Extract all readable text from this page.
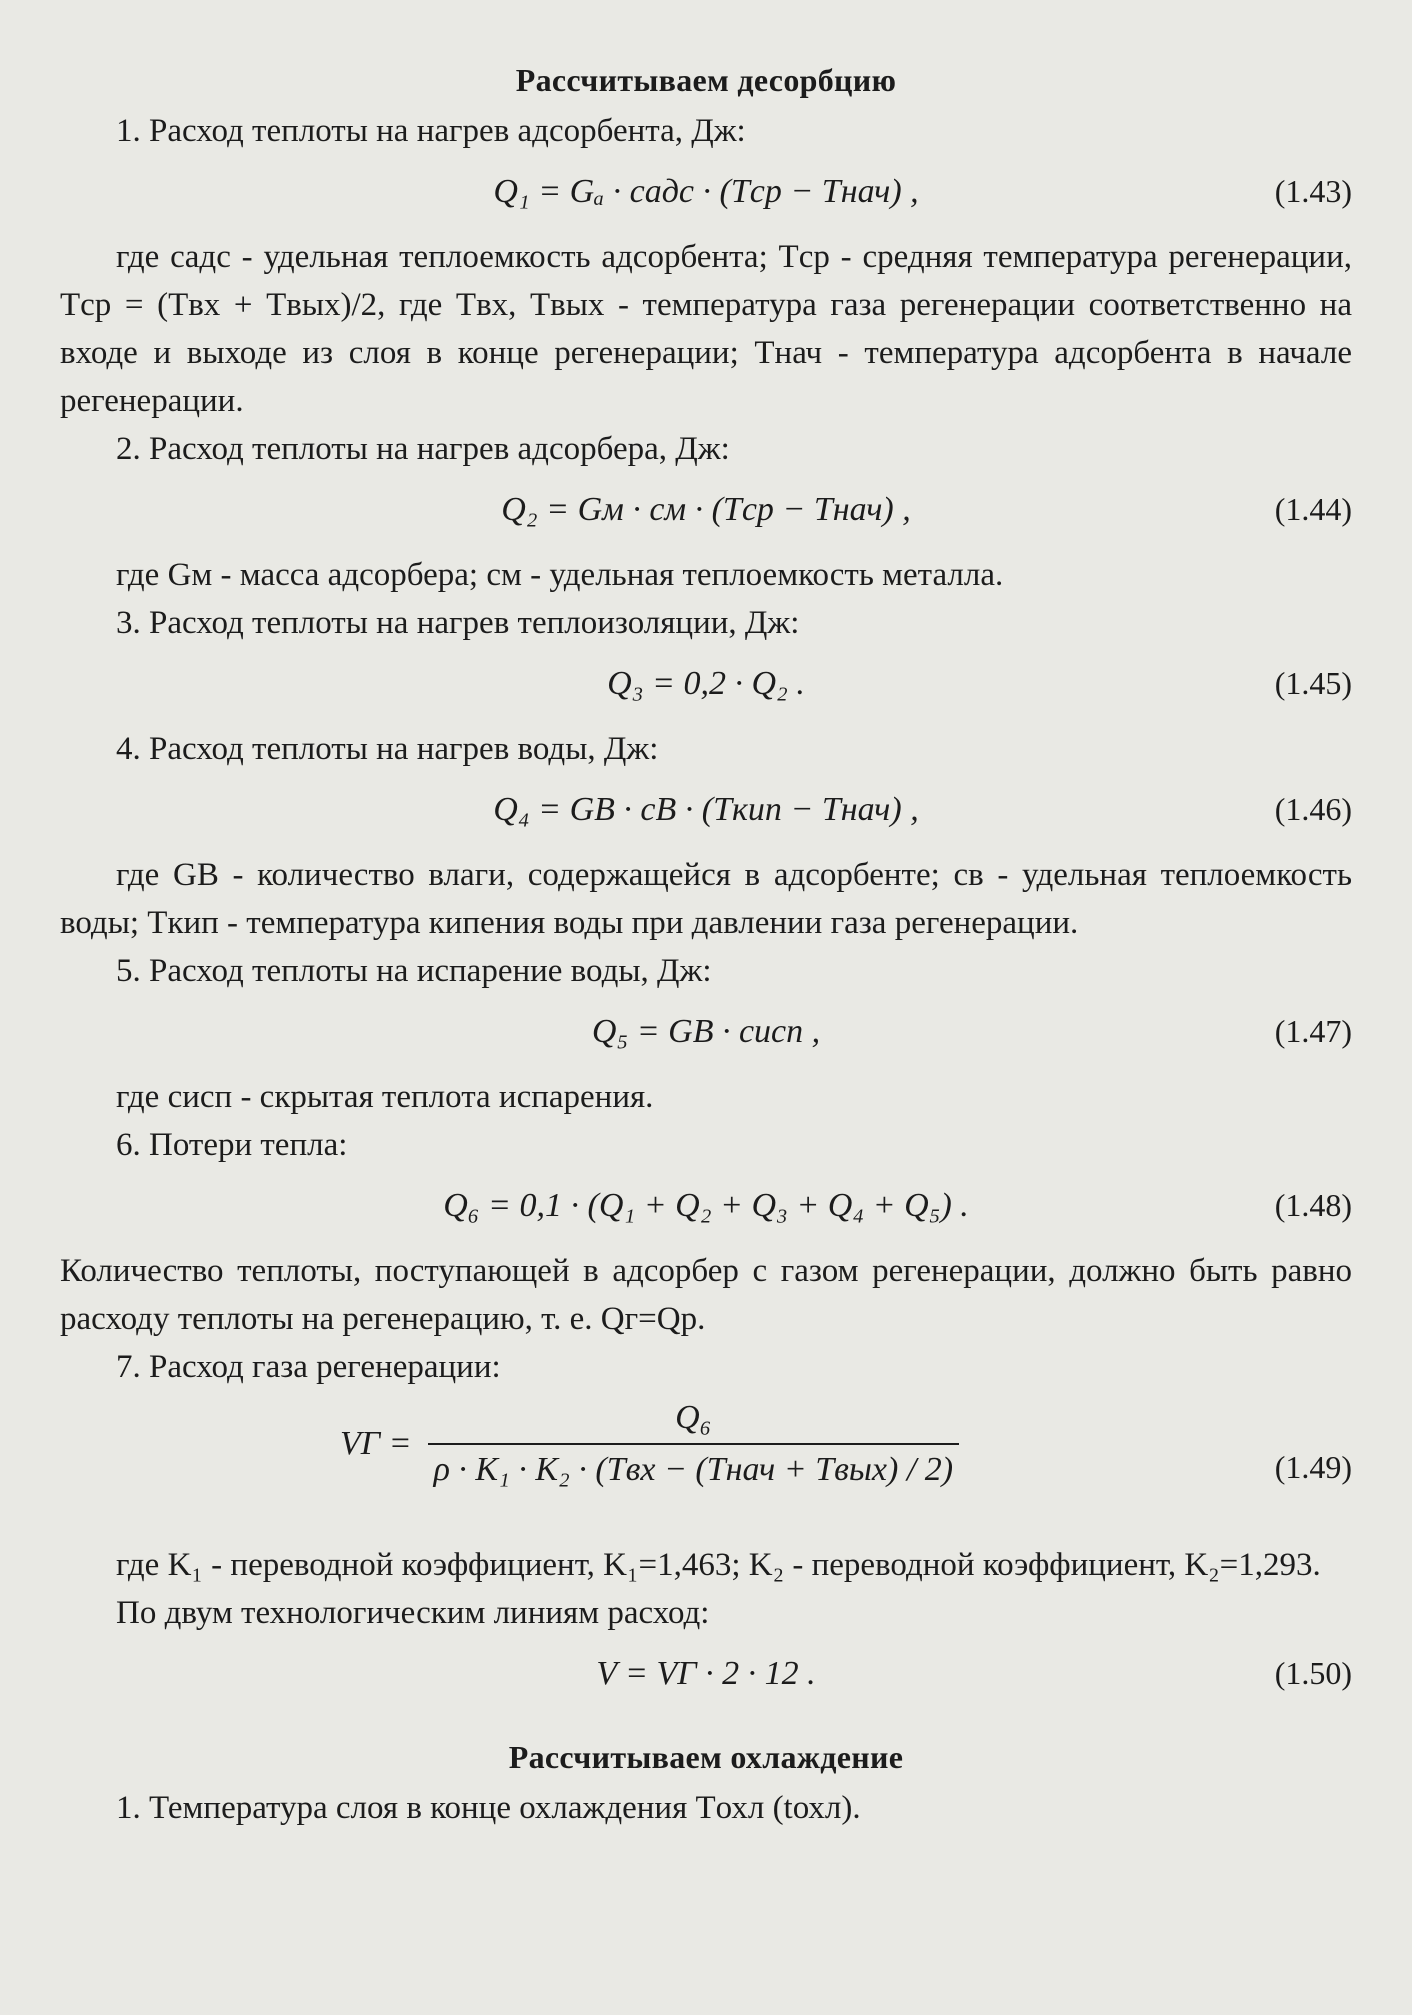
Рассчитываем десорбцию

1. Расход теплоты на нагрев адсорбента, Дж:

Q₁ = Gₐ · cадс · (Tср − Tнач) ,	(1.43)

где cадс - удельная теплоемкость адсорбента; Tср - средняя температура регенерации, Tср = (Tвх + Tвых)/2, где Tвх, Tвых - температура газа регенерации соответственно на входе и выходе из слоя в конце регенерации; Tнач - температура адсорбента в начале регенерации.

2. Расход теплоты на нагрев адсорбера, Дж:

Q₂ = Gм · cм · (Tср − Tнач) ,	(1.44)

где Gм - масса адсорбера; cм - удельная теплоемкость металла.

3. Расход теплоты на нагрев теплоизоляции, Дж:

Q₃ = 0,2 · Q₂ .	(1.45)

4. Расход теплоты на нагрев воды, Дж:

Q₄ = GВ · cВ · (Tкип − Tнач) ,	(1.46)

где GВ - количество влаги, содержащейся в адсорбенте; cв - удельная теплоемкость воды; Tкип - температура кипения воды при давлении газа регенерации.

5. Расход теплоты на испарение воды, Дж:

Q₅ = GВ · cисп ,	(1.47)

где cисп - скрытая теплота испарения.

6. Потери тепла:

Q₆ = 0,1 · (Q₁ + Q₂ + Q₃ + Q₄ + Q₅) .	(1.48)

Количество теплоты, поступающей в адсорбер с газом регенерации, должно быть равно расходу теплоты на регенерацию, т. е. Qг=Qр.

7. Расход газа регенерации:

VГ = $\frac{\text{Q₆}}{\text{ρ · K₁ · K₂ · (Tвх − (Tнач + Tвых) / 2)}}$	(1.49)

где K₁ - переводной коэффициент, K₁=1,463; K₂ - переводной коэффициент, K₂=1,293.

По двум технологическим линиям расход:

V = VГ · 2 · 12 .	(1.50)
Рассчитываем охлаждение

1. Температура слоя в конце охлаждения Tохл (tохл).
